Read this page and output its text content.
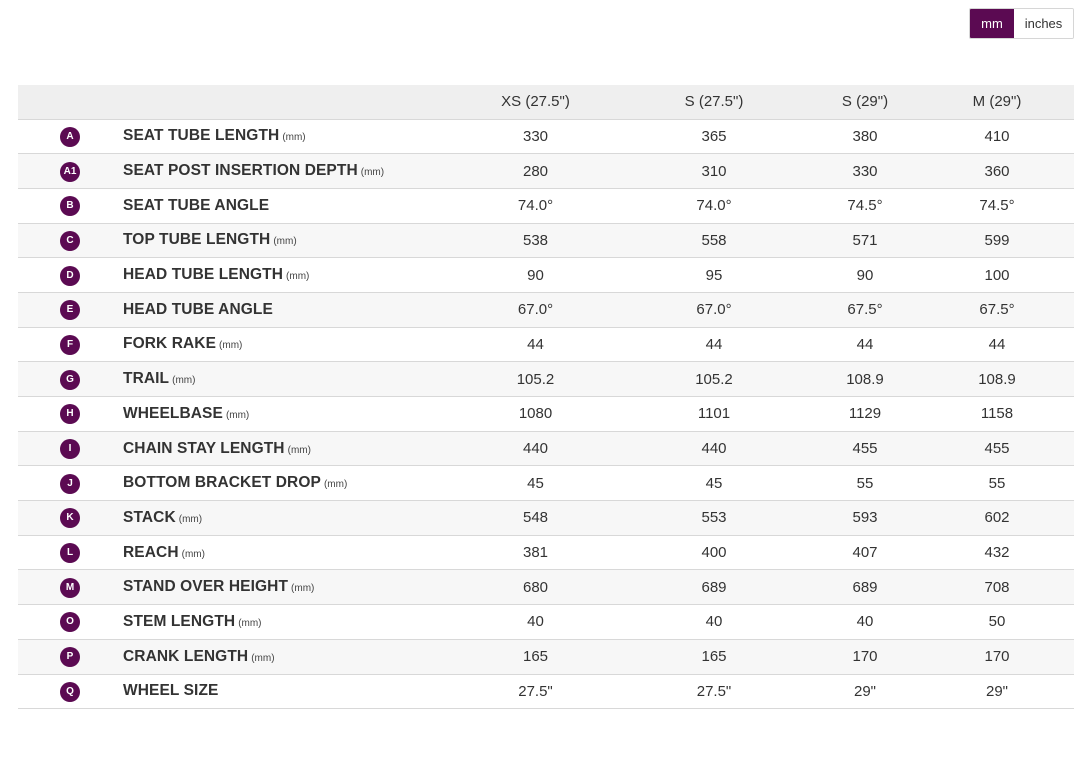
mm	inches
		XS (27.5")	S (27.5")	S (29")	M (29")
A	SEAT TUBE LENGTH (mm)	330	365	380	410
A1	SEAT POST INSERTION DEPTH (mm)	280	310	330	360
B	SEAT TUBE ANGLE	74.0°	74.0°	74.5°	74.5°
C	TOP TUBE LENGTH (mm)	538	558	571	599
D	HEAD TUBE LENGTH (mm)	90	95	90	100
E	HEAD TUBE ANGLE	67.0°	67.0°	67.5°	67.5°
F	FORK RAKE (mm)	44	44	44	44
G	TRAIL (mm)	105.2	105.2	108.9	108.9
H	WHEELBASE (mm)	1080	1101	1129	1158
I	CHAIN STAY LENGTH (mm)	440	440	455	455
J	BOTTOM BRACKET DROP (mm)	45	45	55	55
K	STACK (mm)	548	553	593	602
L	REACH (mm)	381	400	407	432
M	STAND OVER HEIGHT (mm)	680	689	689	708
O	STEM LENGTH (mm)	40	40	40	50
P	CRANK LENGTH (mm)	165	165	170	170
Q	WHEEL SIZE	27.5"	27.5"	29"	29"
